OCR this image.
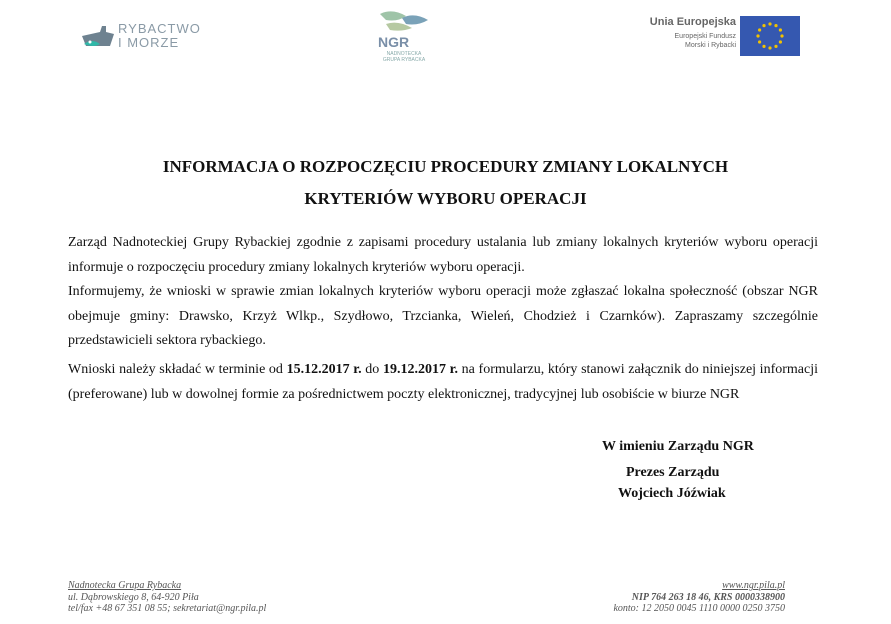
RYBACTWO
I MORZE	NGR
NADNOTECKA
GRUPA RYBACKA
Unia Europejska
Europejski Fundusz
Morski i Rybacki
INFORMACJA O ROZPOCZĘCIU PROCEDURY ZMIANY LOKALNYCH
KRYTERIÓW WYBORU OPERACJI

Zarząd Nadnoteckiej Grupy Rybackiej zgodnie z zapisami procedury ustalania lub zmiany lokalnych kryteriów wyboru operacji informuje o rozpoczęciu procedury zmiany lokalnych kryteriów wyboru operacji.

Informujemy, że wnioski w sprawie zmian lokalnych kryteriów wyboru operacji może zgłaszać lokalna społeczność (obszar NGR obejmuje gminy: Drawsko, Krzyż Wlkp., Szydłowo, Trzcianka, Wieleń, Chodzież i Czarnków). Zapraszamy szczególnie przedstawicieli sektora rybackiego.

Wnioski należy składać w terminie od 15.12.2017 r. do 19.12.2017 r. na formularzu, który stanowi załącznik do niniejszej informacji (preferowane) lub w dowolnej formie za pośrednictwem poczty elektronicznej, tradycyjnej lub osobiście w biurze NGR

W imieniu Zarządu NGR
Prezes Zarządu
Wojciech Jóźwiak
Nadnotecka Grupa Rybacka
ul. Dąbrowskiego 8, 64-920 Piła
tel/fax +48 67 351 08 55; sekretariat@ngr.pila.pl
www.ngr.pila.pl
NIP 764 263 18 46, KRS 0000338900
konto: 12 2050 0045 1110 0000 0250 3750
